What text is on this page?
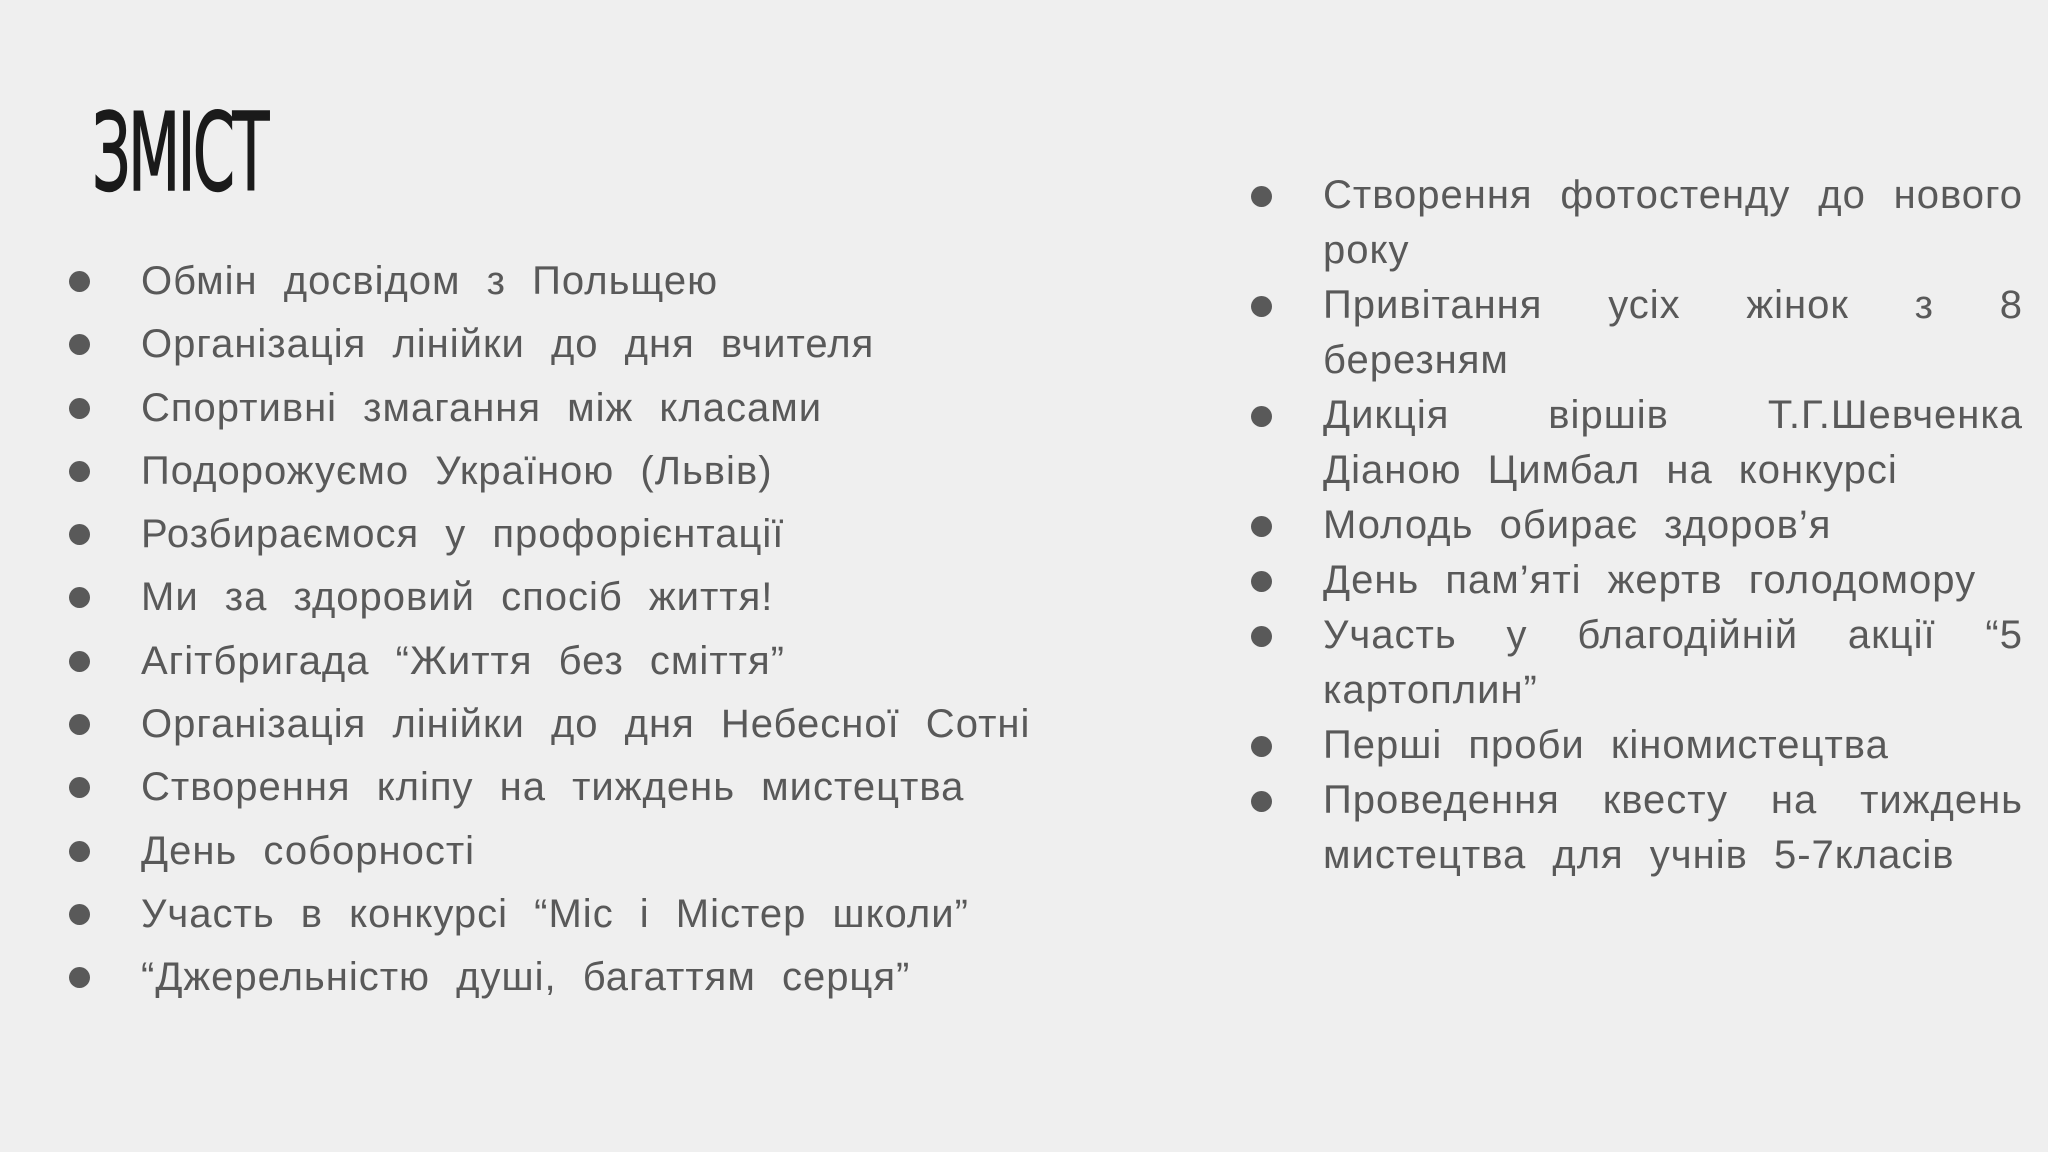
ЗМІСТ
Обмін досвідом з Польщею
Організація лінійки до дня вчителя
Спортивні змагання між класами
Подорожуємо Україною (Львів)
Розбираємося у профорієнтації
Ми за здоровий спосіб життя!
Агітбригада “Життя без сміття”
Організація лінійки до дня Небесної Сотні
Створення кліпу на тиждень мистецтва
День соборності
Участь в конкурсі “Міс і Містер школи”
“Джерельністю душі, багаттям серця”
Створення фотостенду до нового року
Привітання усіх жінок з 8 березням
Дикція віршів Т.Г.Шевченка Діаною Цимбал на конкурсі
Молодь обирає здоров’я
День пам’яті жертв голодомору
Участь у благодійній акції “5 картоплин”
Перші проби кіномистецтва
Проведення квесту на тиждень мистецтва для учнів 5-7класів
